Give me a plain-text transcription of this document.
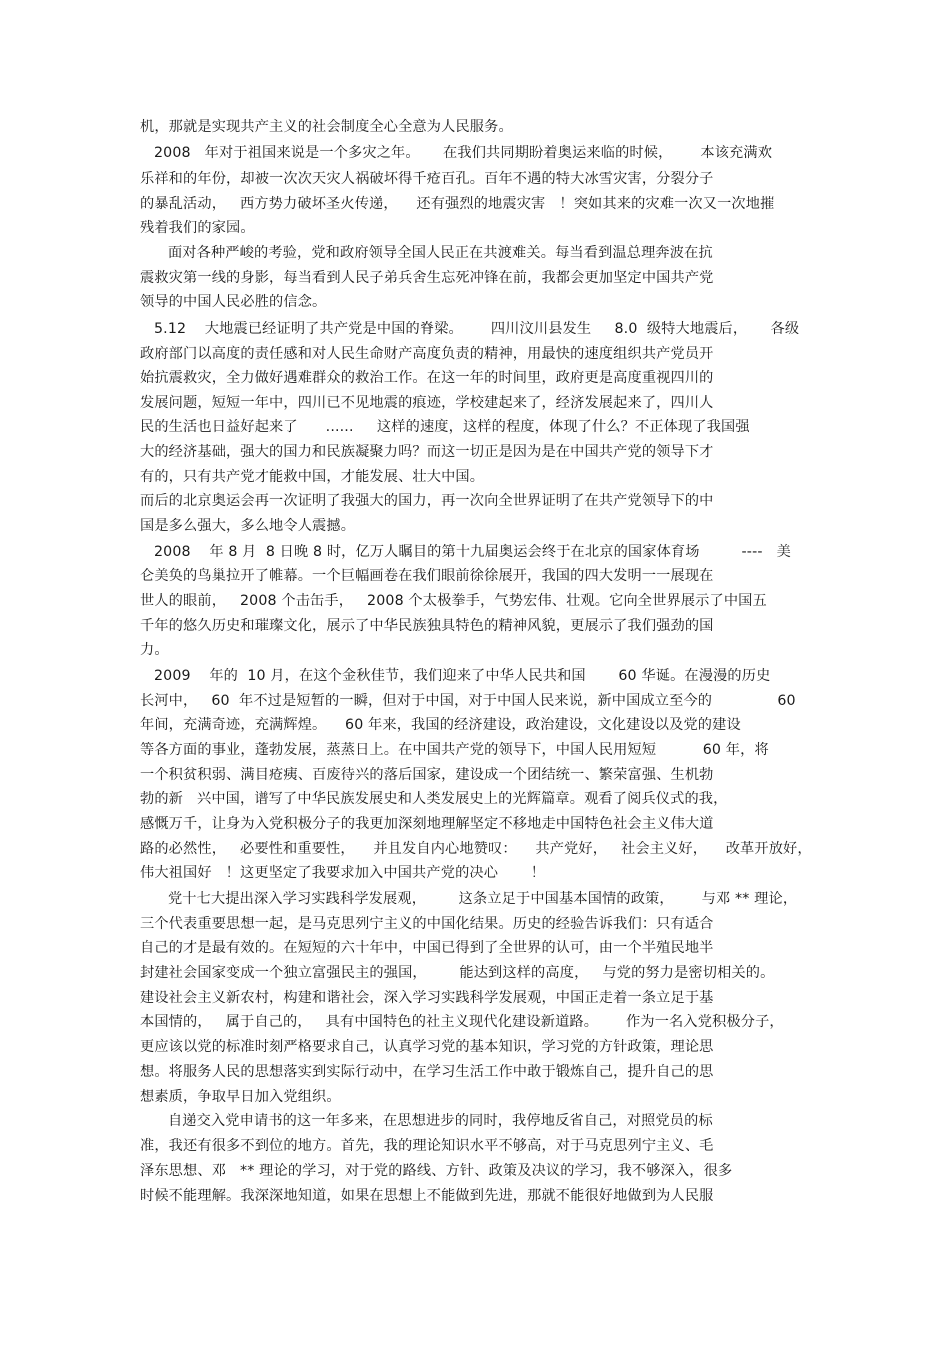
机，那就是实现共产主义的社会制度全心全意为人民服务。
2008   年对于祖国来说是一个多灾之年。     在我们共同期盼着奥运来临的时候，      本该充满欢
乐祥和的年份，却被一次次天灾人祸破坏得千疮百孔。百年不遇的特大冰雪灾害，分裂分子
的暴乱活动，   西方势力破坏圣火传递，    还有强烈的地震灾害   ！突如其来的灾难一次又一次地摧
残着我们的家园。
面对各种严峻的考验，党和政府领导全国人民正在共渡难关。每当看到温总理奔波在抗
震救灾第一线的身影，每当看到人民子弟兵舍生忘死冲锋在前，我都会更加坚定中国共产党
领导的中国人民必胜的信念。
5.12    大地震已经证明了共产党是中国的脊梁。      四川汶川县发生     8.0  级特大地震后，     各级
政府部门以高度的责任感和对人民生命财产高度负责的精神，用最快的速度组织共产党员开
始抗震救灾，全力做好遇难群众的救治工作。在这一年的时间里，政府更是高度重视四川的
发展问题，短短一年中，四川已不见地震的痕迹，学校建起来了，经济发展起来了，四川人
民的生活也日益好起来了      ......     这样的速度，这样的程度，体现了什么？不正体现了我国强
大的经济基础，强大的国力和民族凝聚力吗？而这一切正是因为是在中国共产党的领导下才
有的，只有共产党才能救中国，才能发展、壮大中国。
而后的北京奥运会再一次证明了我强大的国力，再一次向全世界证明了在共产党领导下的中
国是多么强大，多么地令人震撼。
2008    年 8 月  8 日晚 8 时，亿万人瞩目的第十九届奥运会终于在北京的国家体育场         ----   美
仑美奂的鸟巢拉开了帷幕。一个巨幅画卷在我们眼前徐徐展开，我国的四大发明一一展现在
世人的眼前，   2008 个击缶手，   2008 个太极拳手，气势宏伟、壮观。它向全世界展示了中国五
千年的悠久历史和璀璨文化，展示了中华民族独具特色的精神风貌，更展示了我们强劲的国
力。
2009    年的  10 月，在这个金秋佳节，我们迎来了中华人民共和国       60 华诞。在漫漫的历史
长河中，   60  年不过是短暂的一瞬，但对于中国，对于中国人民来说，新中国成立至今的              60
年间，充满奇迹，充满辉煌。    60 年来，我国的经济建设，政治建设，文化建设以及党的建设
等各方面的事业，蓬勃发展，蒸蒸日上。在中国共产党的领导下，中国人民用短短          60 年，将
一个积贫积弱、满目疮痍、百废待兴的落后国家，建设成一个团结统一、繁荣富强、生机勃
勃的新   兴中国，谱写了中华民族发展史和人类发展史上的光辉篇章。观看了阅兵仪式的我，
感慨万千，让身为入党积极分子的我更加深刻地理解坚定不移地走中国特色社会主义伟大道
路的必然性，   必要性和重要性，    并且发自内心地赞叹：    共产党好，   社会主义好，    改革开放好，
伟大祖国好   ！这更坚定了我要求加入中国共产党的决心       ！
党十七大提出深入学习实践科学发展观，       这条立足于中国基本国情的政策，      与邓 ** 理论，
三个代表重要思想一起，是马克思列宁主义的中国化结果。历史的经验告诉我们：只有适合
自己的才是最有效的。在短短的六十年中，中国已得到了全世界的认可，由一个半殖民地半
封建社会国家变成一个独立富强民主的强国，       能达到这样的高度，   与党的努力是密切相关的。
建设社会主义新农村，构建和谐社会，深入学习实践科学发展观，中国正走着一条立足于基
本国情的，   属于自己的，   具有中国特色的社主义现代化建设新道路。      作为一名入党积极分子，
更应该以党的标准时刻严格要求自己，认真学习党的基本知识，学习党的方针政策，理论思
想。将服务人民的思想落实到实际行动中，在学习生活工作中敢于锻炼自己，提升自己的思
想素质，争取早日加入党组织。
自递交入党申请书的这一年多来，在思想进步的同时，我停地反省自己，对照党员的标
准，我还有很多不到位的地方。首先，我的理论知识水平不够高，对于马克思列宁主义、毛
泽东思想、邓   ** 理论的学习，对于党的路线、方针、政策及决议的学习，我不够深入，很多
时候不能理解。我深深地知道，如果在思想上不能做到先进，那就不能很好地做到为人民服
